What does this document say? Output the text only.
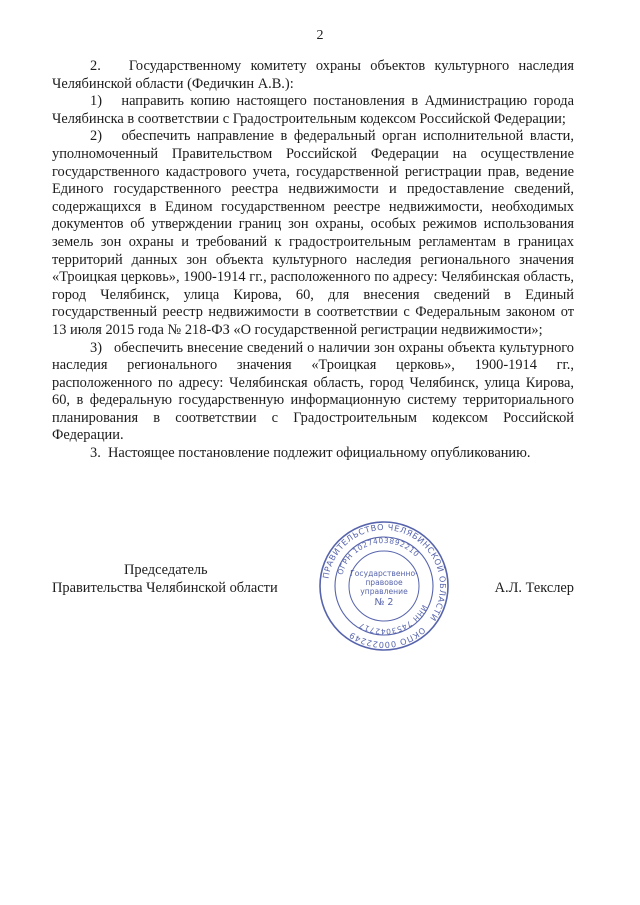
2

2.   Государственному комитету охраны объектов культурного наследия Челябинской области (Федичкин А.В.):

1)   направить копию настоящего постановления в Администрацию города Челябинска в соответствии с Градостроительным кодексом Российской Федерации;

2)   обеспечить направление в федеральный орган исполнительной власти, уполномоченный Правительством Российской Федерации на осуществление государственного кадастрового учета, государственной регистрации прав, ведение Единого государственного реестра недвижимости и предоставление сведений, содержащихся в Едином государственном реестре недвижимости, необходимых документов об утверждении границ зон охраны, особых режимов использования земель зон охраны и требований к градостроительным регламентам в границах территорий данных зон объекта культурного наследия регионального значения «Троицкая церковь», 1900-1914 гг., расположенного по адресу: Челябинская область, город Челябинск, улица Кирова, 60, для внесения сведений в Единый государственный реестр недвижимости в соответствии с Федеральным законом от 13 июля 2015 года № 218-ФЗ «О государственной регистрации недвижимости»;

3)   обеспечить внесение сведений о наличии зон охраны объекта культурного наследия регионального значения «Троицкая церковь», 1900-1914 гг., расположенного по адресу: Челябинская область, город Челябинск, улица Кирова, 60, в федеральную государственную информационную систему территориального планирования в соответствии с Градостроительным кодексом Российской Федерации.

3.  Настоящее постановление подлежит официальному опубликованию.

Председатель
Правительства Челябинской области
ПРАВИТЕЛЬСТВО ЧЕЛЯБИНСКОЙ ОБЛАСТИ
ОКПО 00022249
ОГРН 1027403892210
ИНН 7453042717
Государственно-
правовое
управление
№ 2
А.Л. Текслер
